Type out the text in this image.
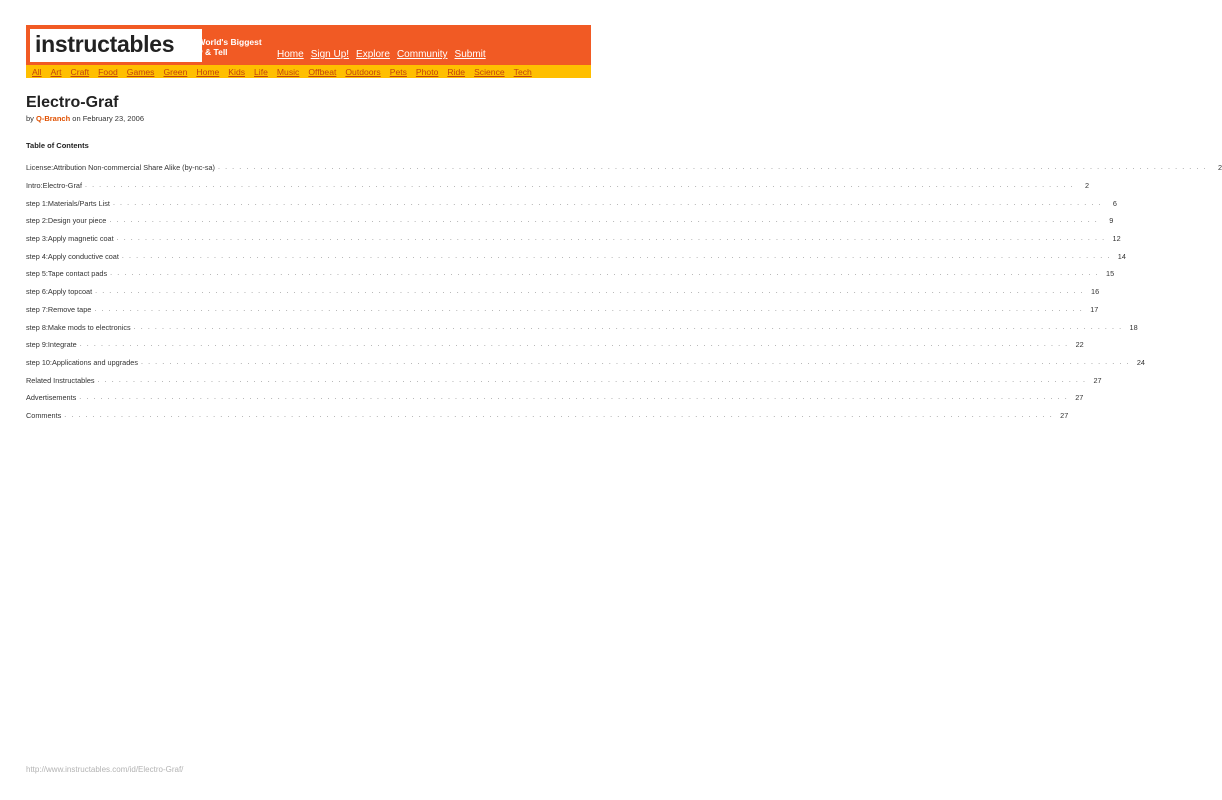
instructables The World's Biggest
Show & Tell	Home Sign Up! Explore Community Submit
All Art Craft Food Games Green Home Kids Life Music Offbeat Outdoors Pets Photo Ride Science Tech
Electro-Graf
by Q-Branch on February 23, 2006
Table of Contents
License: Attribution Non-commercial Share Alike (by-nc-sa) . . . . . . . . . . . . . . . . . . . . . . . . . . . . . . . . . . . . . . . . . . . . . . . . . . . . . . . . . . . . . . . . . . . . . . . . . . . . . . . . . . . . . . . . . . . . . . . . . . . . . . . . . . . . . . . . . . . . . . . . . . . . . . . . . . . . . . . . . . . .	2
Intro: Electro-Graf . . . . . . . . . . . . . . . . . . . . . . . . . . . . . . . . . . . . . . . . . . . . . . . . . . . . . . . . . . . . . . . . . . . . . . . . . . . . . . . . . . . . . . . . . . . . . . . . . . . . . . . . . . . . . . . . . . . . . . . . . . . . . . . . . . . . . . . . . . . .	2
step 1: Materials/Parts List . . . . . . . . . . . . . . . . . . . . . . . . . . . . . . . . . . . . . . . . . . . . . . . . . . . . . . . . . . . . . . . . . . . . . . . . . . . . . . . . . . . . . . . . . . . . . . . . . . . . . . . . . . . . . . . . . . . . . . . . . . . . . . . . . . . . . . . . . . . .	6
step 2: Design your piece . . . . . . . . . . . . . . . . . . . . . . . . . . . . . . . . . . . . . . . . . . . . . . . . . . . . . . . . . . . . . . . . . . . . . . . . . . . . . . . . . . . . . . . . . . . . . . . . . . . . . . . . . . . . . . . . . . . . . . . . . . . . . . . . . . . . . . . . . . . .	9
step 3: Apply magnetic coat . . . . . . . . . . . . . . . . . . . . . . . . . . . . . . . . . . . . . . . . . . . . . . . . . . . . . . . . . . . . . . . . . . . . . . . . . . . . . . . . . . . . . . . . . . . . . . . . . . . . . . . . . . . . . . . . . . . . . . . . . . . . . . . . . . . . . . . . . . . . 12
step 4: Apply conductive coat . . . . . . . . . . . . . . . . . . . . . . . . . . . . . . . . . . . . . . . . . . . . . . . . . . . . . . . . . . . . . . . . . . . . . . . . . . . . . . . . . . . . . . . . . . . . . . . . . . . . . . . . . . . . . . . . . . . . . . . . . . . . . . . . . . . . . . . . . . . . 14
step 5: Tape contact pads . . . . . . . . . . . . . . . . . . . . . . . . . . . . . . . . . . . . . . . . . . . . . . . . . . . . . . . . . . . . . . . . . . . . . . . . . . . . . . . . . . . . . . . . . . . . . . . . . . . . . . . . . . . . . . . . . . . . . . . . . . . . . . . . . . . . . . . . . . . . 15
step 6: Apply topcoat . . . . . . . . . . . . . . . . . . . . . . . . . . . . . . . . . . . . . . . . . . . . . . . . . . . . . . . . . . . . . . . . . . . . . . . . . . . . . . . . . . . . . . . . . . . . . . . . . . . . . . . . . . . . . . . . . . . . . . . . . . . . . . . . . . . . . . . . . . . . 16
step 7: Remove tape . . . . . . . . . . . . . . . . . . . . . . . . . . . . . . . . . . . . . . . . . . . . . . . . . . . . . . . . . . . . . . . . . . . . . . . . . . . . . . . . . . . . . . . . . . . . . . . . . . . . . . . . . . . . . . . . . . . . . . . . . . . . . . . . . . . . . . . . . . . . 17
step 8: Make mods to electronics . . . . . . . . . . . . . . . . . . . . . . . . . . . . . . . . . . . . . . . . . . . . . . . . . . . . . . . . . . . . . . . . . . . . . . . . . . . . . . . . . . . . . . . . . . . . . . . . . . . . . . . . . . . . . . . . . . . . . . . . . . . . . . . . . . . . . . . . . . . . 18
step 9: Integrate . . . . . . . . . . . . . . . . . . . . . . . . . . . . . . . . . . . . . . . . . . . . . . . . . . . . . . . . . . . . . . . . . . . . . . . . . . . . . . . . . . . . . . . . . . . . . . . . . . . . . . . . . . . . . . . . . . . . . . . . . . . . . . . . . . . . . . . . . . . . 22
step 10: Applications and upgrades . . . . . . . . . . . . . . . . . . . . . . . . . . . . . . . . . . . . . . . . . . . . . . . . . . . . . . . . . . . . . . . . . . . . . . . . . . . . . . . . . . . . . . . . . . . . . . . . . . . . . . . . . . . . . . . . . . . . . . . . . . . . . . . . . . . . . . . . . . . . 24
Related Instructables . . . . . . . . . . . . . . . . . . . . . . . . . . . . . . . . . . . . . . . . . . . . . . . . . . . . . . . . . . . . . . . . . . . . . . . . . . . . . . . . . . . . . . . . . . . . . . . . . . . . . . . . . . . . . . . . . . . . . . . . . . . . . . . . . . . . . . . . . . . . 27
Advertisements . . . . . . . . . . . . . . . . . . . . . . . . . . . . . . . . . . . . . . . . . . . . . . . . . . . . . . . . . . . . . . . . . . . . . . . . . . . . . . . . . . . . . . . . . . . . . . . . . . . . . . . . . . . . . . . . . . . . . . . . . . . . . . . . . . . . . . . . . . . . 27
Comments . . . . . . . . . . . . . . . . . . . . . . . . . . . . . . . . . . . . . . . . . . . . . . . . . . . . . . . . . . . . . . . . . . . . . . . . . . . . . . . . . . . . . . . . . . . . . . . . . . . . . . . . . . . . . . . . . . . . . . . . . . . . . . . . . . . . . . . . . . . . 27
http://www.instructables.com/id/Electro-Graf/
